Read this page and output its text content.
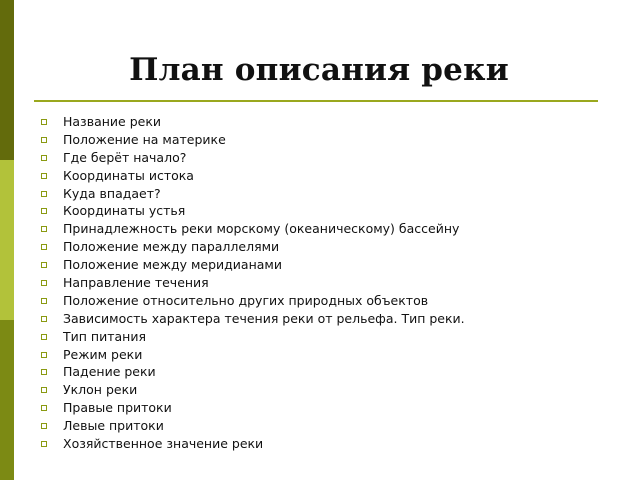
План описания реки
Название реки
Положение на материке
Где берёт начало?
Координаты истока
Куда впадает?
Координаты устья
Принадлежность реки морскому (океаническому) бассейну
Положение между параллелями
Положение между меридианами
Направление течения
Положение относительно других природных объектов
Зависимость характера течения реки от рельефа. Тип реки.
Тип питания
Режим реки
Падение реки
Уклон реки
Правые притоки
Левые притоки
Хозяйственное значение реки
